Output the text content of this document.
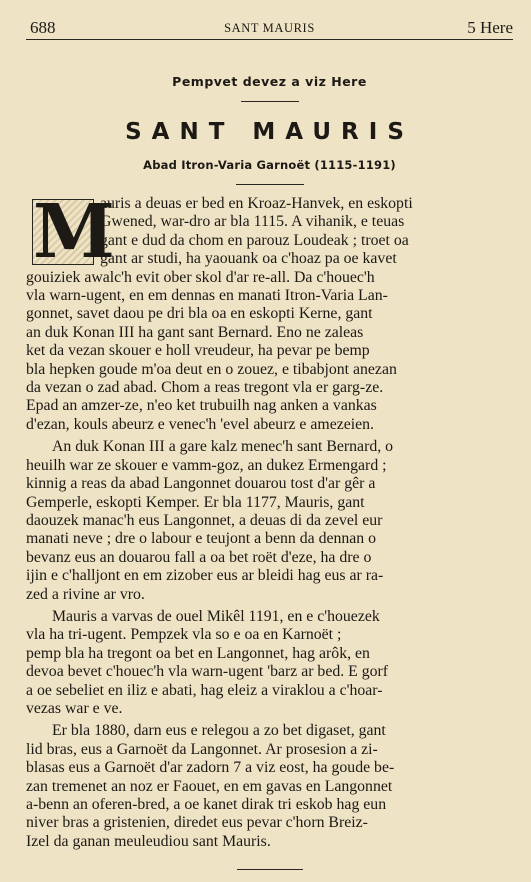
688	SANT MAURIS	5 Here
Pempvet devez a viz Here
SANT MAURIS
Abad Itron-Varia Garnoët (1115-1191)
M
auris a deuas er bed en Kroaz-Hanvek, en eskopti
Gwened, war-dro ar bla 1115. A vihanik, e teuas
gant e dud da chom en parouz Loudeak ; troet oa
gant ar studi, ha yaouank oa c'hoaz pa oe kavet
gouiziek awalc'h evit ober skol d'ar re-all. Da c'houec'h
vla warn-ugent, en em dennas en manati Itron-Varia Lan-
gonnet, savet daou pe dri bla oa en eskopti Kerne, gant
an duk Konan III ha gant sant Bernard. Eno ne zaleas
ket da vezan skouer e holl vreudeur, ha pevar pe bemp
bla hepken goude m'oa deut en o zouez, e tibabjont anezan
da vezan o zad abad. Chom a reas tregont vla er garg-ze.
Epad an amzer-ze, n'eo ket trubuilh nag anken a vankas
d'ezan, kouls abeurz e venec'h 'evel abeurz e amezeien.
An duk Konan III a gare kalz menec'h sant Bernard, o
heuilh war ze skouer e vamm-goz, an dukez Ermengard ;
kinnig a reas da abad Langonnet douarou tost d'ar gêr a
Gemperle, eskopti Kemper. Er bla 1177, Mauris, gant
daouzek manac'h eus Langonnet, a deuas di da zevel eur
manati neve ; dre o labour e teujont a benn da dennan o
bevanz eus an douarou fall a oa bet roët d'eze, ha dre o
ijin e c'halljont en em zizober eus ar bleidi hag eus ar ra-
zed a rivine ar vro.
Mauris a varvas de ouel Mikêl 1191, en e c'houezek
vla ha tri-ugent. Pempzek vla so e oa en Karnoët ;
pemp bla ha tregont oa bet en Langonnet, hag arôk, en
devoa bevet c'houec'h vla warn-ugent 'barz ar bed. E gorf
a oe sebeliet en iliz e abati, hag eleiz a viraklou a c'hoar-
vezas war e ve.
Er bla 1880, darn eus e relegou a zo bet digaset, gant
lid bras, eus a Garnoët da Langonnet. Ar prosesion a zi-
blasas eus a Garnoët d'ar zadorn 7 a viz eost, ha goude be-
zan tremenet an noz er Faouet, en em gavas en Langonnet
a-benn an oferen-bred, a oe kanet dirak tri eskob hag eun
niver bras a gristenien, diredet eus pevar c'horn Breiz-
Izel da ganan meuleudiou sant Mauris.
